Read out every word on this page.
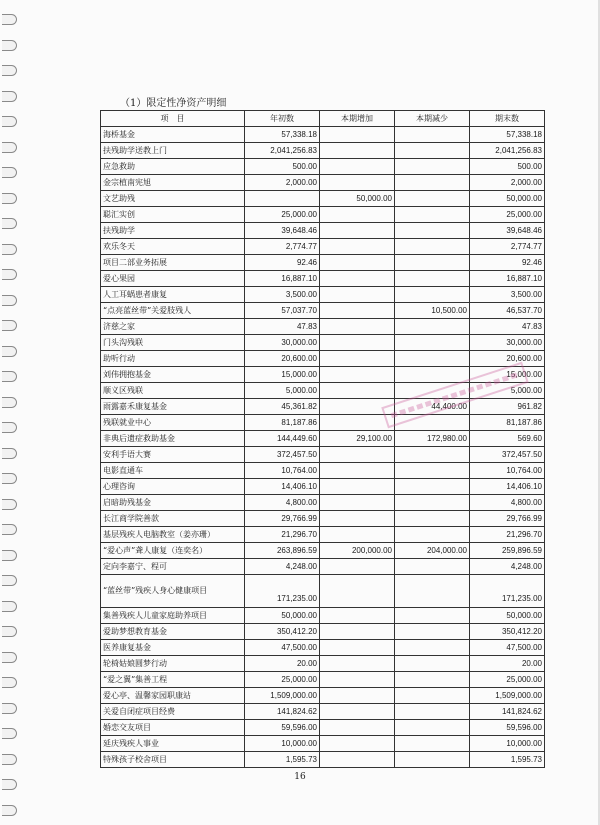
（1）限定性净资产明细
项　目	年初数	本期增加	本期减少	期末数
海桥基金	57,338.18			57,338.18
扶残助学送教上门	2,041,256.83			2,041,256.83
应急救助	500.00			500.00
金宗植南宪旭	2,000.00			2,000.00
文艺助残		50,000.00		50,000.00
聪汇实创	25,000.00			25,000.00
扶残助学	39,648.46			39,648.46
欢乐冬天	2,774.77			2,774.77
项目二部业务拓展	92.46			92.46
爱心果园	16,887.10			16,887.10
人工耳蜗患者康复	3,500.00			3,500.00
“点亮蓝丝带”关爱肢残人	57,037.70		10,500.00	46,537.70
济慈之家	47.83			47.83
门头沟残联	30,000.00			30,000.00
助听行动	20,600.00			20,600.00
刘伟拥抱基金	15,000.00			15,000.00
顺义区残联	5,000.00			5,000.00
雨露嘉禾康复基金	45,361.82		44,400.00	961.82
残联就业中心	81,187.86			81,187.86
非典后遗症救助基金	144,449.60	29,100.00	172,980.00	569.60
安利手语大赛	372,457.50			372,457.50
电影直通车	10,764.00			10,764.00
心理咨询	14,406.10			14,406.10
启暗助残基金	4,800.00			4,800.00
长江商学院善款	29,766.99			29,766.99
基层残疾人电脑教室（姜亦珊）	21,296.70			21,296.70
“爱心声”聋人康复（连奕名）	263,896.59	200,000.00	204,000.00	259,896.59
定向李嘉宁、程可	4,248.00			4,248.00
“蓝丝带”残疾人身心健康项目	171,235.00			171,235.00
集善残疾人儿童家庭助养项目	50,000.00			50,000.00
爱助梦想教育基金	350,412.20			350,412.20
医养康复基金	47,500.00			47,500.00
轮椅姑娘圆梦行动	20.00			20.00
“爱之翼”集善工程	25,000.00			25,000.00
爱心亭、温馨家园职康站	1,509,000.00			1,509,000.00
关爱自闭症项目经费	141,824.62			141,824.62
婚恋交友项目	59,596.00			59,596.00
延庆残疾人事业	10,000.00			10,000.00
特殊孩子校舍项目	1,595.73			1,595.73
16
